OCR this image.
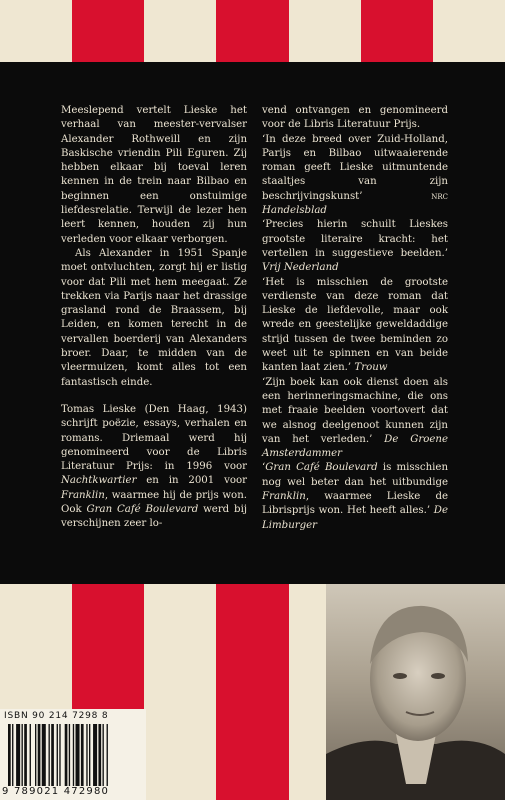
Meeslepend vertelt Lieske het verhaal van meester-vervalser Alexander Rothweill en zijn Baskische vriendin Pili Eguren. Zij hebben elkaar bij toeval leren kennen in de trein naar Bilbao en beginnen een onstuimige liefdesrelatie. Terwijl de lezer hen leert kennen, houden zij hun verleden voor elkaar verborgen.

Als Alexander in 1951 Spanje moet ontvluchten, zorgt hij er listig voor dat Pili met hem meegaat. Ze trekken via Parijs naar het drassige grasland rond de Braassem, bij Leiden, en komen terecht in de vervallen boerderij van Alexanders broer. Daar, te midden van de vleermuizen, komt alles tot een fantastisch einde.

Tomas Lieske (Den Haag, 1943) schrijft poëzie, essays, verhalen en romans. Driemaal werd hij genomineerd voor de Libris Literatuur Prijs: in 1996 voor Nachtkwartier en in 2001 voor Franklin, waarmee hij de prijs won. Ook Gran Café Boulevard werd bij verschijnen zeer lo-

vend ontvangen en genomineerd voor de Libris Literatuur Prijs.

‘In deze breed over Zuid-Holland, Parijs en Bilbao uitwaaierende roman geeft Lieske uitmuntende staaltjes van zijn beschrijvingskunst’	nrc Handelsblad

‘Precies hierin schuilt Lieskes grootste literaire kracht: het vertellen in suggestieve beelden.’ Vrij Nederland

‘Het is misschien de grootste verdienste van deze roman dat Lieske de liefdevolle, maar ook wrede en geestelijke geweldaddige strijd tussen de twee beminden zo weet uit te spinnen en van beide kanten laat zien.’ Trouw

‘Zijn boek kan ook dienst doen als een herinneringsmachine, die ons met fraaie beelden voortovert dat we alsnog deelgenoot kunnen zijn van het verleden.’ De Groene Amsterdammer

‘Gran Café Boulevard is misschien nog wel beter dan het uitbundige Franklin, waarmee Lieske de Librisprijs won. Het heeft alles.’ De Limburger

ISBN 90 214 7298 8
9 789021 472980
